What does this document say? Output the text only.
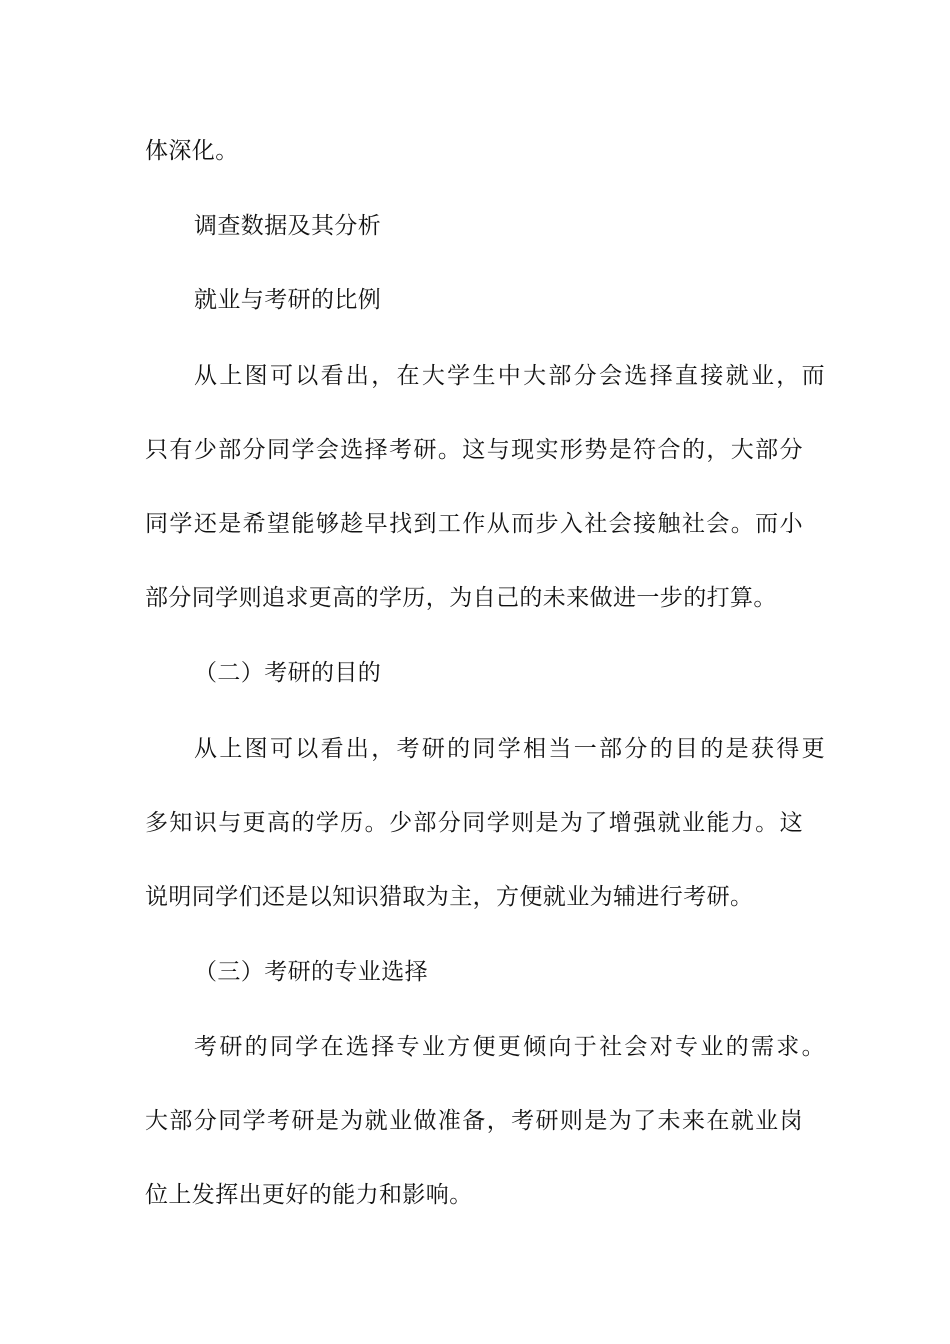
体深化。
调查数据及其分析
就业与考研的比例
从上图可以看出，在大学生中大部分会选择直接就业，而
只有少部分同学会选择考研。这与现实形势是符合的，大部分
同学还是希望能够趁早找到工作从而步入社会接触社会。而小
部分同学则追求更高的学历，为自己的未来做进一步的打算。
（二）考研的目的
从上图可以看出，考研的同学相当一部分的目的是获得更
多知识与更高的学历。少部分同学则是为了增强就业能力。这
说明同学们还是以知识猎取为主，方便就业为辅进行考研。
（三）考研的专业选择
考研的同学在选择专业方便更倾向于社会对专业的需求。
大部分同学考研是为就业做准备，考研则是为了未来在就业岗
位上发挥出更好的能力和影响。
